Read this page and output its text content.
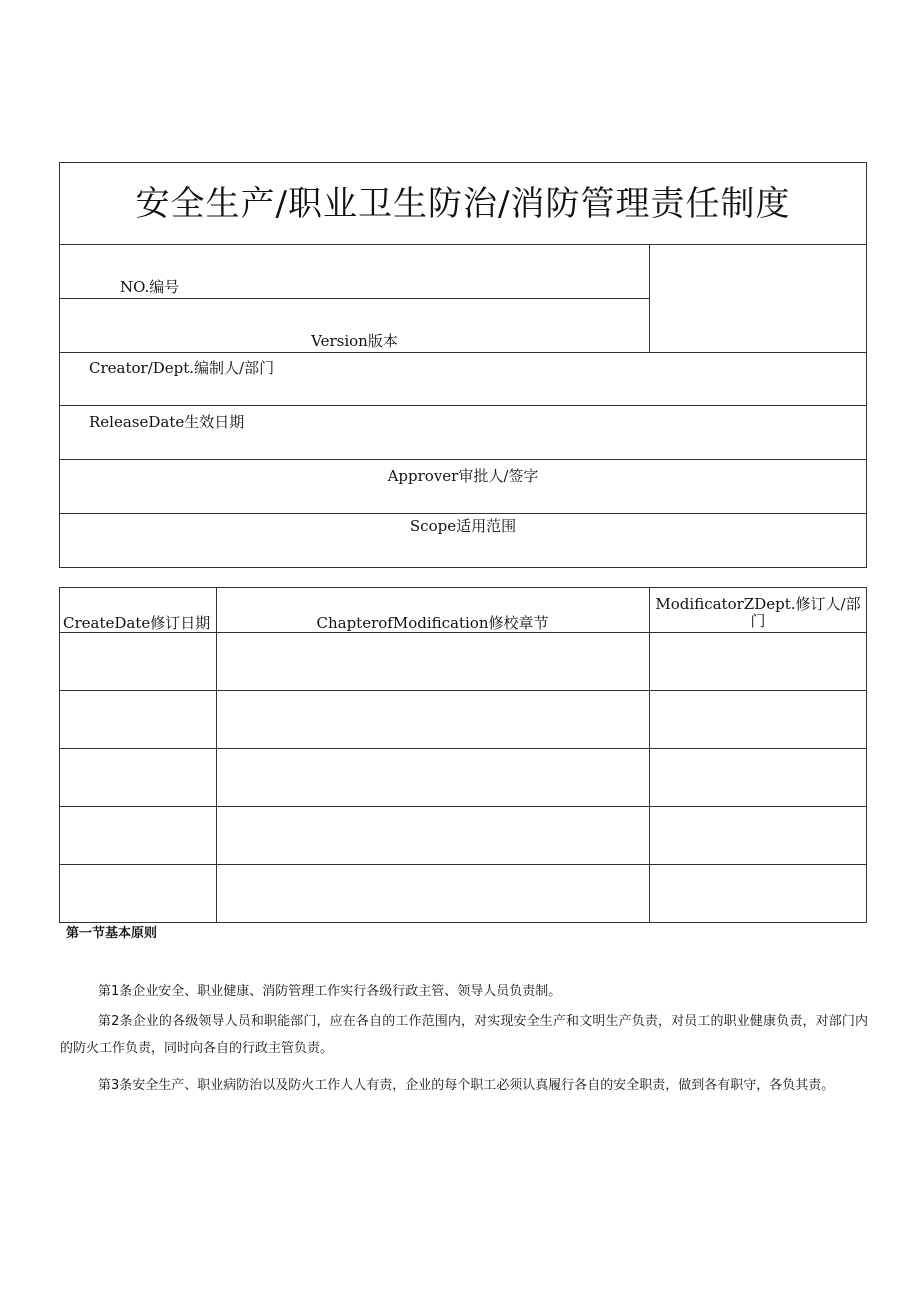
安全生产/职业卫生防治/消防管理责任制度
NO.编号
Version版本
Creator/Dept.编制人/部门
ReleaseDate生效日期
Approver审批人/签字
Scope适用范围
CreateDate修订日期	ChapterofModification修校章节
ModificatorZDept.修订人/部门
第一节基本原则
第1条企业安全、职业健康、消防管理工作实行各级行政主管、领导人员负责制。
第2条企业的各级领导人员和职能部门，应在各自的工作范围内，对实现安全生产和文明生产负责，对员工的职业健康负责，对部门内的防火工作负责，同时向各自的行政主管负责。
第3条安全生产、职业病防治以及防火工作人人有责，企业的每个职工必须认真履行各自的安全职责，做到各有职守，各负其责。
